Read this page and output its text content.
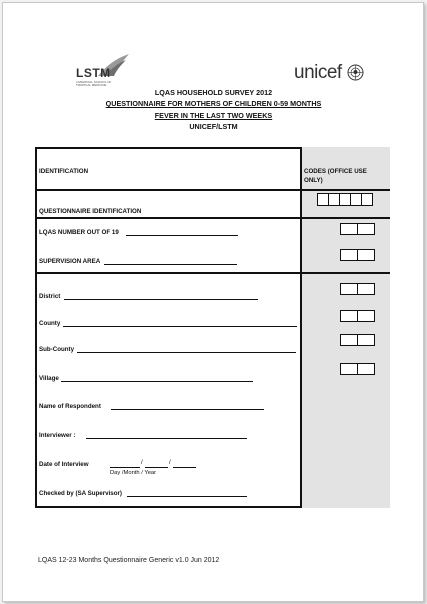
LSTM
LIVERPOOL SCHOOL OF TROPICAL MEDICINE
unicef
LQAS HOUSEHOLD SURVEY 2012
QUESTIONNAIRE FOR MOTHERS OF CHILDREN 0-59 MONTHS
FEVER IN THE LAST TWO WEEKS
UNICEF/LSTM
IDENTIFICATION	CODES (OFFICE USE ONLY)
QUESTIONNAIRE IDENTIFICATION
LQAS NUMBER OUT OF 19
SUPERVISION AREA
District
County
Sub-County
Village
Name of Respondent
Interviewer :
Date of Interview	/	/
Day /Month / Year
Checked by (SA Supervisor)
LQAS 12-23 Months Questionnaire Generic v1.0 Jun 2012
